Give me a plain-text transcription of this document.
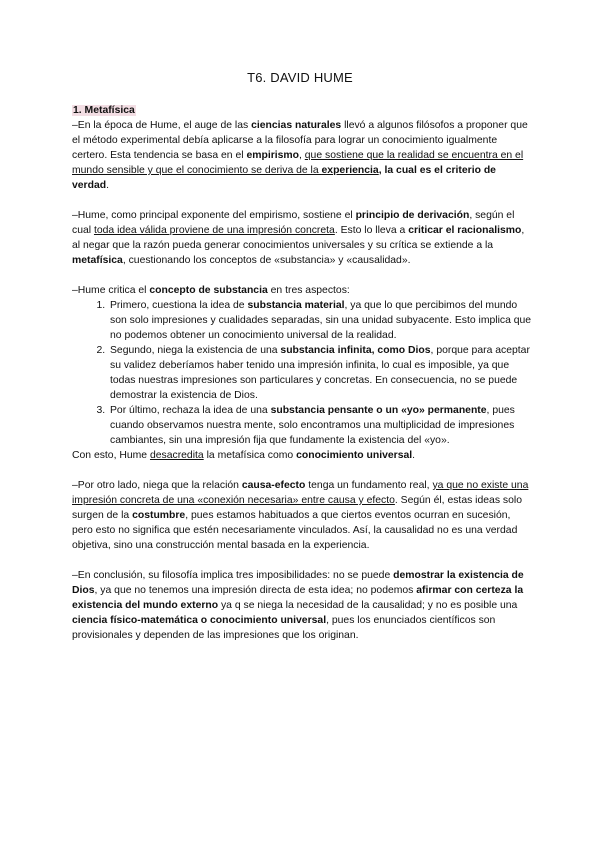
T6. DAVID HUME
1. Metafísica

–En la época de Hume, el auge de las ciencias naturales llevó a algunos filósofos a proponer que el método experimental debía aplicarse a la filosofía para lograr un conocimiento igualmente certero. Esta tendencia se basa en el empirismo, que sostiene que la realidad se encuentra en el mundo sensible y que el conocimiento se deriva de la experiencia, la cual es el criterio de verdad.

–Hume, como principal exponente del empirismo, sostiene el principio de derivación, según el cual toda idea válida proviene de una impresión concreta. Esto lo lleva a criticar el racionalismo, al negar que la razón pueda generar conocimientos universales y su crítica se extiende a la metafísica, cuestionando los conceptos de «substancia» y «causalidad».

–Hume critica el concepto de substancia en tres aspectos:

1. Primero, cuestiona la idea de substancia material, ya que lo que percibimos del mundo son solo impresiones y cualidades separadas, sin una unidad subyacente. Esto implica que no podemos obtener un conocimiento universal de la realidad.
2. Segundo, niega la existencia de una substancia infinita, como Dios, porque para aceptar su validez deberíamos haber tenido una impresión infinita, lo cual es imposible, ya que todas nuestras impresiones son particulares y concretas. En consecuencia, no se puede demostrar la existencia de Dios.
3. Por último, rechaza la idea de una substancia pensante o un «yo» permanente, pues cuando observamos nuestra mente, solo encontramos una multiplicidad de impresiones cambiantes, sin una impresión fija que fundamente la existencia del «yo».

Con esto, Hume desacredita la metafísica como conocimiento universal.

–Por otro lado, niega que la relación causa-efecto tenga un fundamento real, ya que no existe una impresión concreta de una «conexión necesaria» entre causa y efecto. Según él, estas ideas solo surgen de la costumbre, pues estamos habituados a que ciertos eventos ocurran en sucesión, pero esto no significa que estén necesariamente vinculados. Así, la causalidad no es una verdad objetiva, sino una construcción mental basada en la experiencia.

–En conclusión, su filosofía implica tres imposibilidades: no se puede demostrar la existencia de Dios, ya que no tenemos una impresión directa de esta idea; no podemos afirmar con certeza la existencia del mundo externo ya q se niega la necesidad de la causalidad; y no es posible una ciencia físico-matemática o conocimiento universal, pues los enunciados científicos son provisionales y dependen de las impresiones que los originan.
